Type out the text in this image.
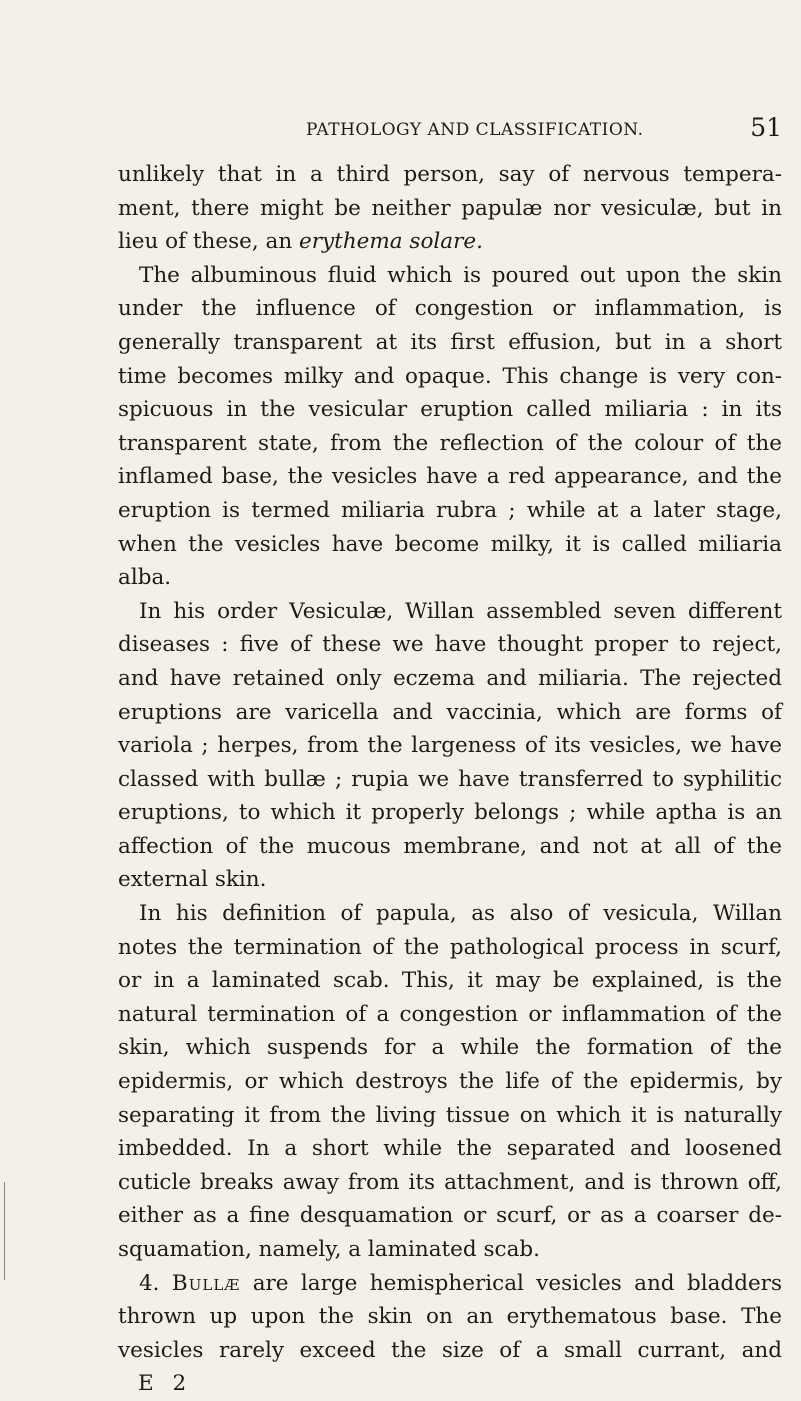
PATHOLOGY AND CLASSIFICATION.	51
unlikely that in a third person, say of nervous tempera-
ment, there might be neither papulæ nor vesiculæ, but in
lieu of these, an erythema solare.
The albuminous fluid which is poured out upon the skin
under the influence of congestion or inflammation, is
generally transparent at its first effusion, but in a short
time becomes milky and opaque. This change is very con-
spicuous in the vesicular eruption called miliaria : in its
transparent state, from the reflection of the colour of the
inflamed base, the vesicles have a red appearance, and the
eruption is termed miliaria rubra ; while at a later stage,
when the vesicles have become milky, it is called miliaria
alba.
In his order Vesiculæ, Willan assembled seven different
diseases : five of these we have thought proper to reject,
and have retained only eczema and miliaria. The rejected
eruptions are varicella and vaccinia, which are forms of
variola ; herpes, from the largeness of its vesicles, we have
classed with bullæ ; rupia we have transferred to syphilitic
eruptions, to which it properly belongs ; while aptha is an
affection of the mucous membrane, and not at all of the
external skin.
In his definition of papula, as also of vesicula, Willan
notes the termination of the pathological process in scurf,
or in a laminated scab. This, it may be explained, is the
natural termination of a congestion or inflammation of the
skin, which suspends for a while the formation of the
epidermis, or which destroys the life of the epidermis, by
separating it from the living tissue on which it is naturally
imbedded. In a short while the separated and loosened
cuticle breaks away from its attachment, and is thrown off,
either as a fine desquamation or scurf, or as a coarser de-
squamation, namely, a laminated scab.
4. Bullæ are large hemispherical vesicles and bladders
thrown up upon the skin on an erythematous base. The
vesicles rarely exceed the size of a small currant, and
E 2
